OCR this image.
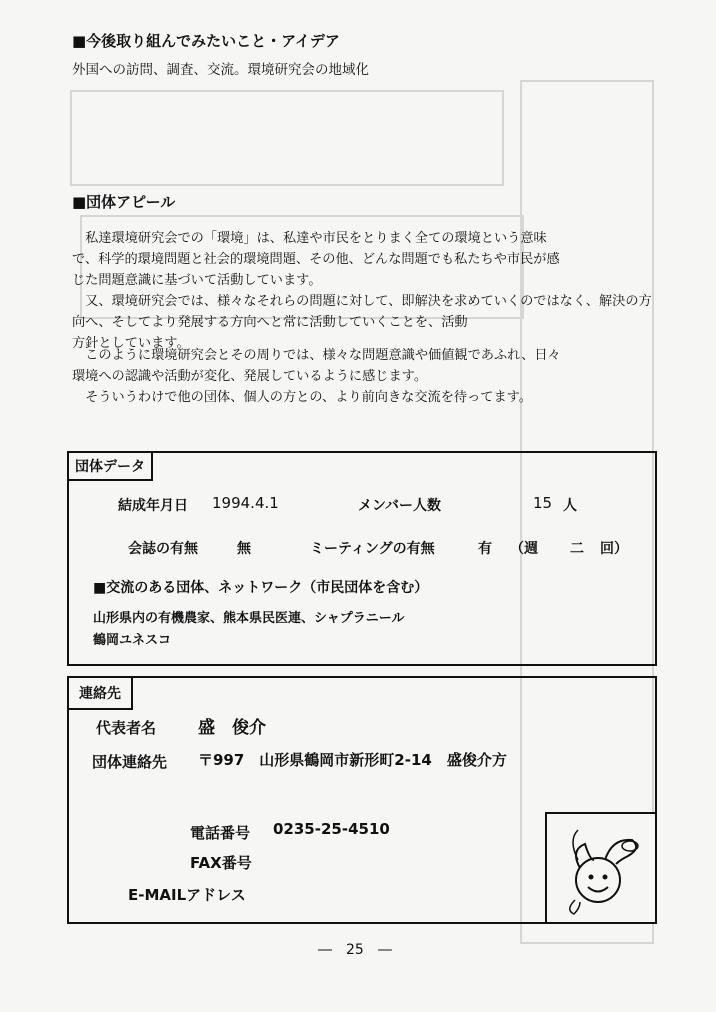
■今後取り組んでみたいこと・アイデア
外国への訪問、調査、交流。環境研究会の地域化
■団体アピール
　私達環境研究会での「環境」は、私達や市民をとりまく全ての環境という意味
で、科学的環境問題と社会的環境問題、その他、どんな問題でも私たちや市民が感
じた問題意識に基づいて活動しています。
　又、環境研究会では、様々なそれらの問題に対して、即解決を求めていくのではなく、解決の方向へ、そしてより発展する方向へと常に活動していくことを、活動
方針としています。
　このように環境研究会とその周りでは、様々な問題意識や価値観であふれ、日々
環境への認識や活動が変化、発展しているように感じます。
　そういうわけで他の団体、個人の方との、より前向きな交流を待ってます。
団体データ
結成年月日 1994.4.1	メンバー人数	15 人
会誌の有無	無	ミーティングの有無	有 （週 二 回）
■交流のある団体、ネットワーク（市民団体を含む）
山形県内の有機農家、熊本県民医連、シャプラニール
鶴岡ユネスコ
連絡先
代表者名 盛　俊介
団体連絡先 〒997　山形県鶴岡市新形町2-14　盛俊介方
電話番号 0235-25-4510
FAX番号
E-MAILアドレス
―　25　―
